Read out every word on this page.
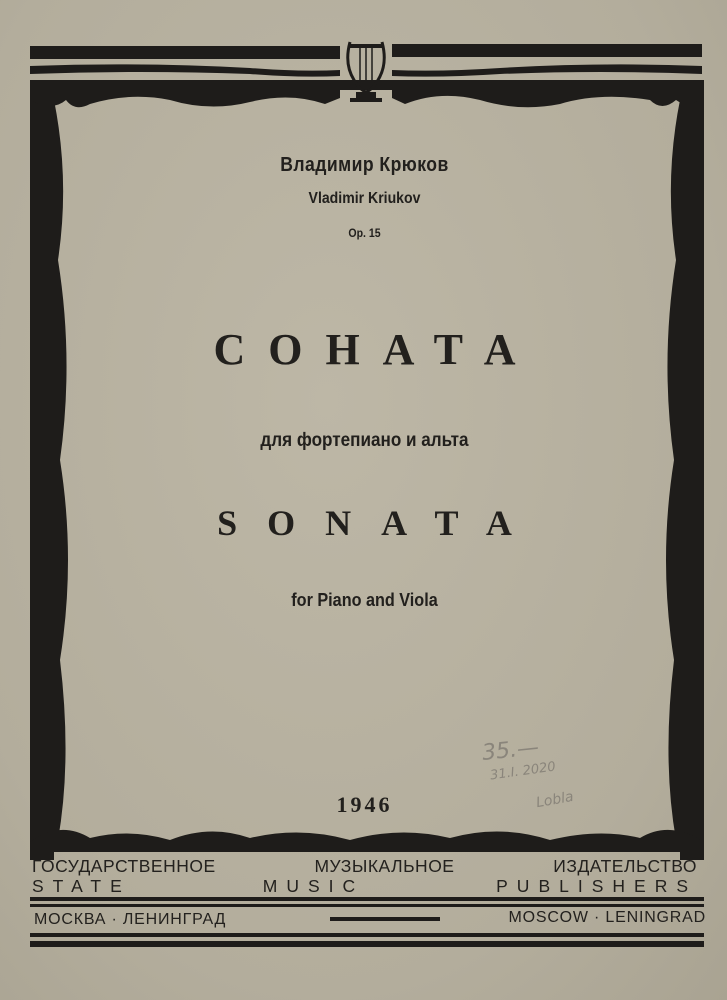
Владимир Крюков
Vladimir Kriukov
Op. 15
СОНАТА
для фортепиано и альта
SONATA
for Piano and Viola
1946
35.—
31.I. 2020
Lobla
ГОСУДАРСТВЕННОЕ МУЗЫКАЛЬНОЕ ИЗДАТЕЛЬСТВО
STATE MUSIC PUBLISHERS
МОСКВА · ЛЕНИНГРАД	MOSCOW · LENINGRAD
